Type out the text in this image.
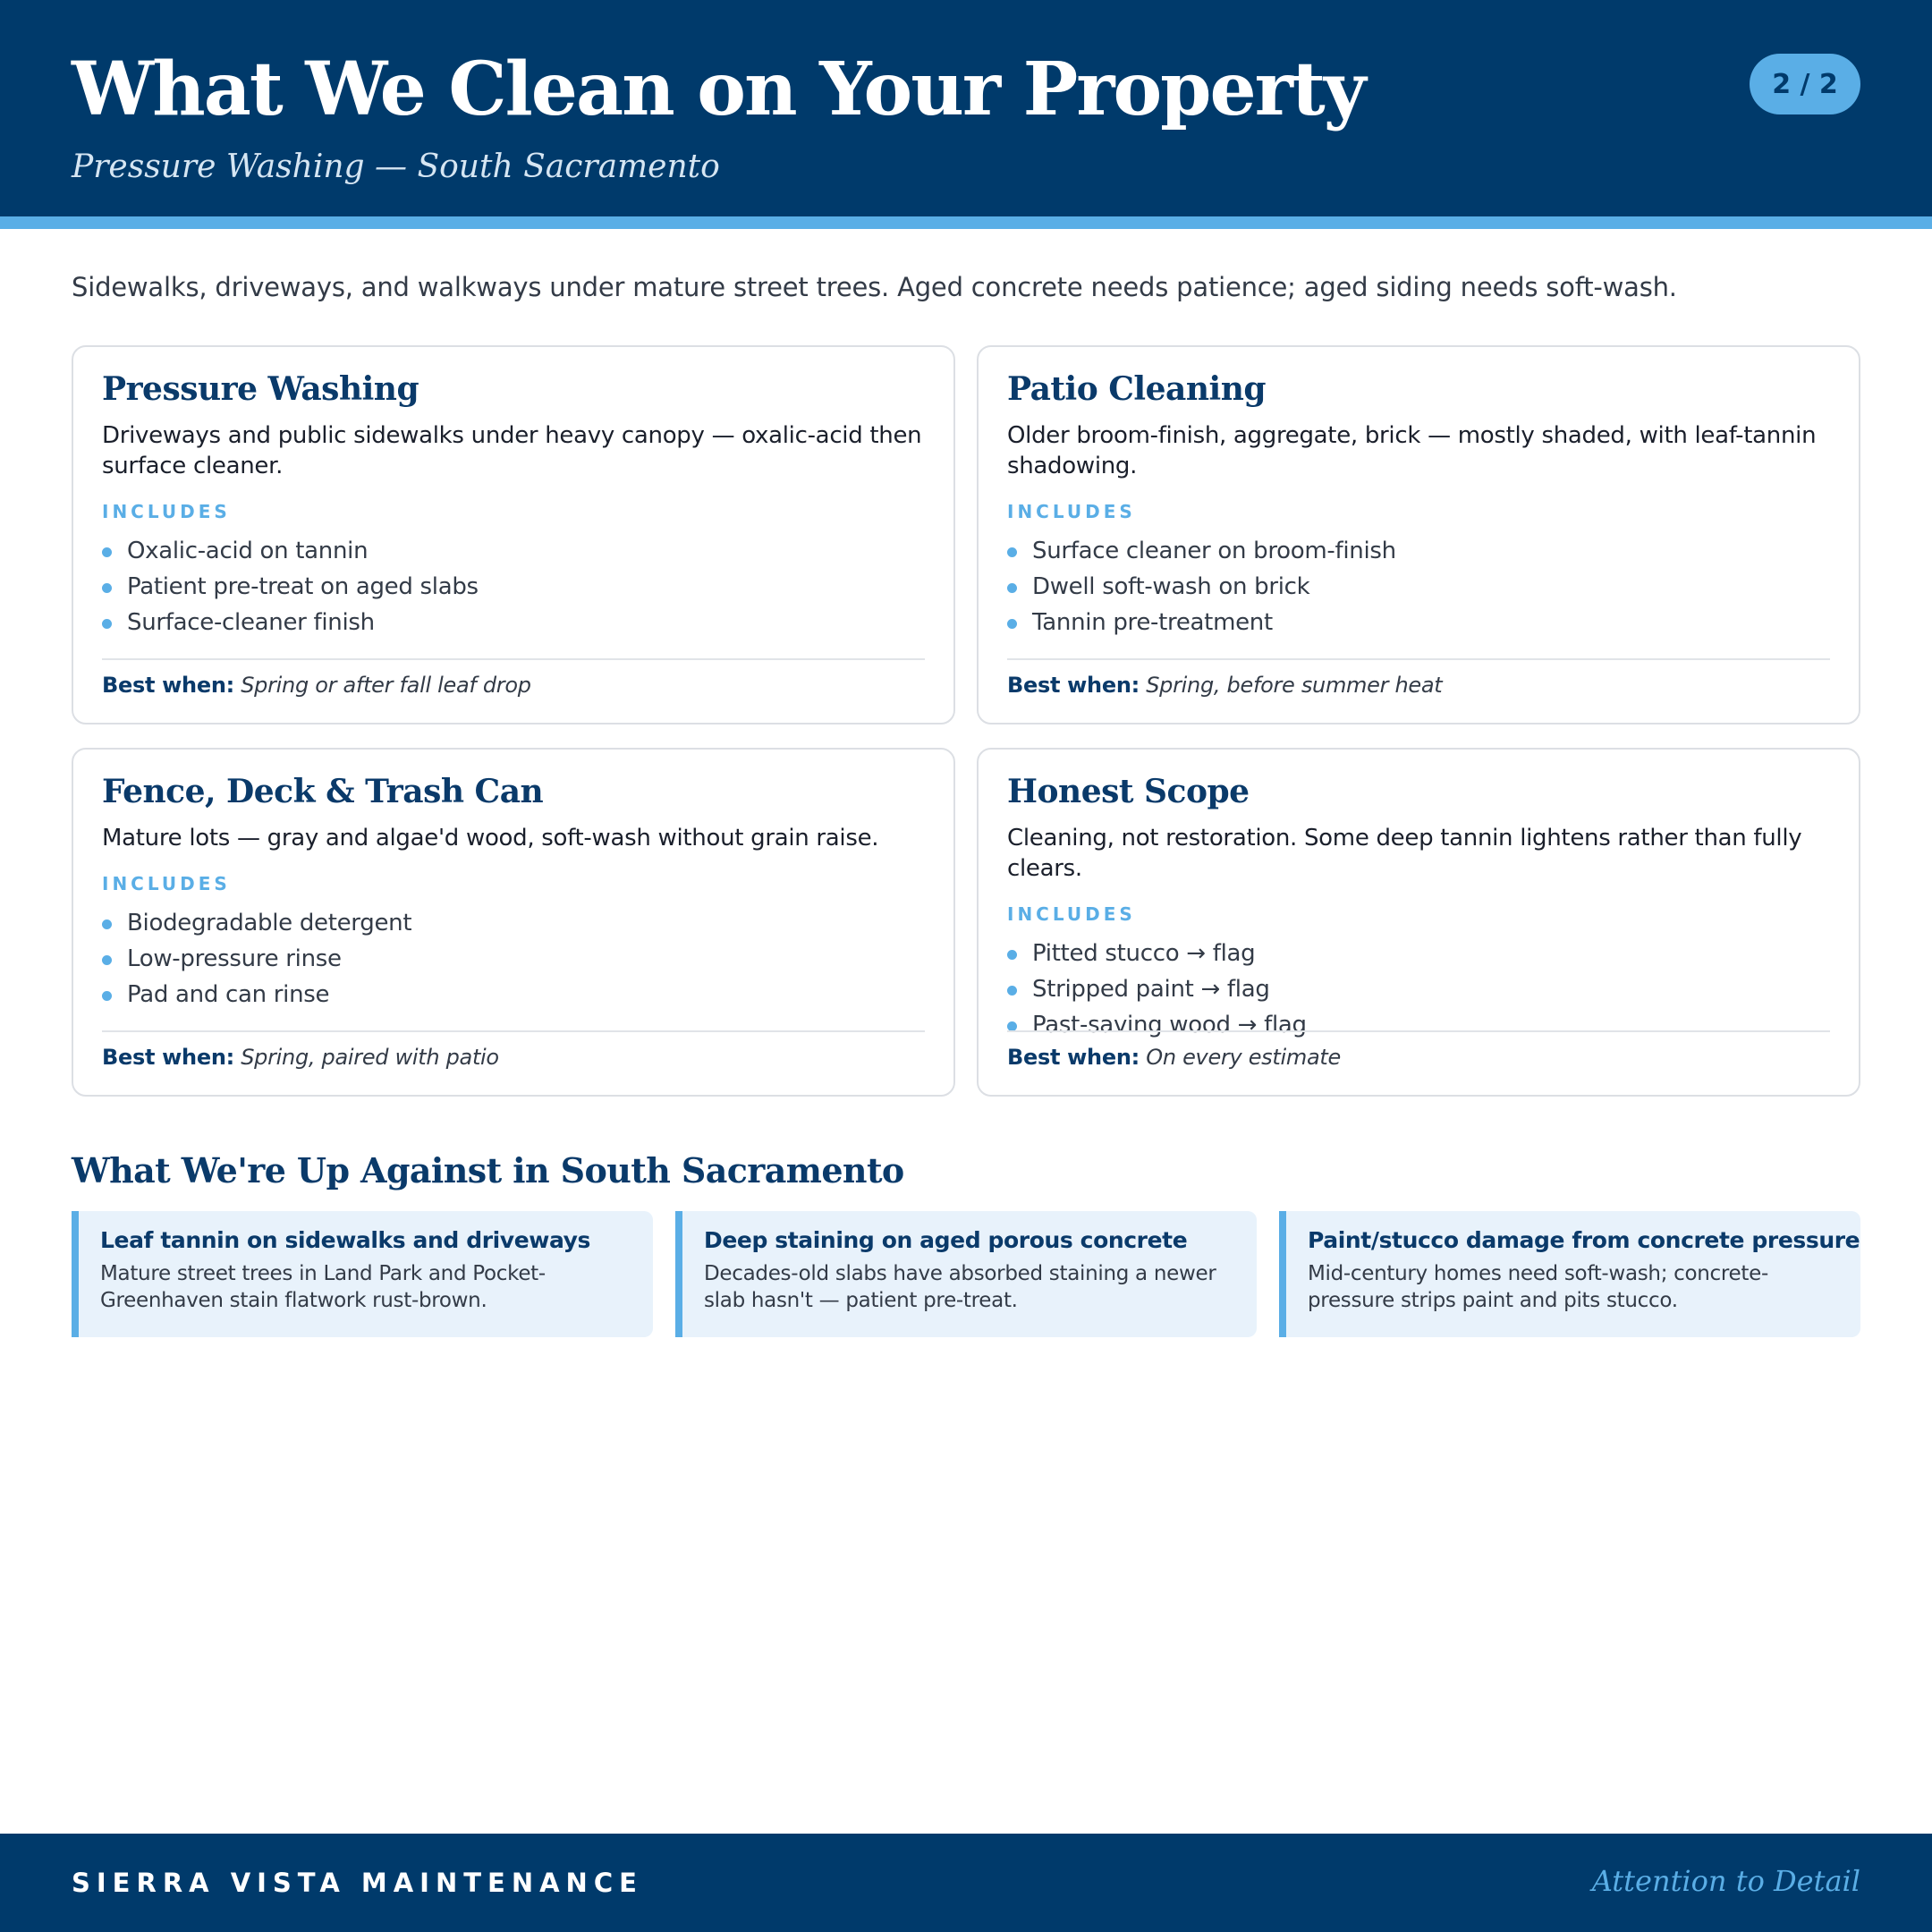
What We Clean on Your Property
Pressure Washing — South Sacramento
2 / 2

Sidewalks, driveways, and walkways under mature street trees. Aged concrete needs patience; aged siding needs soft-wash.

Pressure Washing

Driveways and public sidewalks under heavy canopy — oxalic-acid then surface cleaner.

INCLUDES
Oxalic-acid on tannin
Patient pre-treat on aged slabs
Surface-cleaner finish
Best when: Spring or after fall leaf drop
Patio Cleaning

Older broom-finish, aggregate, brick — mostly shaded, with leaf-tannin shadowing.

INCLUDES
Surface cleaner on broom-finish
Dwell soft-wash on brick
Tannin pre-treatment
Best when: Spring, before summer heat
Fence, Deck & Trash Can

Mature lots — gray and algae'd wood, soft-wash without grain raise.

INCLUDES
Biodegradable detergent
Low-pressure rinse
Pad and can rinse
Best when: Spring, paired with patio
Honest Scope

Cleaning, not restoration. Some deep tannin lightens rather than fully clears.

INCLUDES
Pitted stucco → flag
Stripped paint → flag
Past-saving wood → flag
Best when: On every estimate
What We're Up Against in South Sacramento
Leaf tannin on sidewalks and driveways
Mature street trees in Land Park and Pocket-Greenhaven stain flatwork rust-brown.
Deep staining on aged porous concrete
Decades-old slabs have absorbed staining a newer slab hasn't — patient pre-treat.
Paint/stucco damage from concrete pressure
Mid-century homes need soft-wash; concrete-pressure strips paint and pits stucco.
SIERRA VISTA MAINTENANCE	Attention to Detail
